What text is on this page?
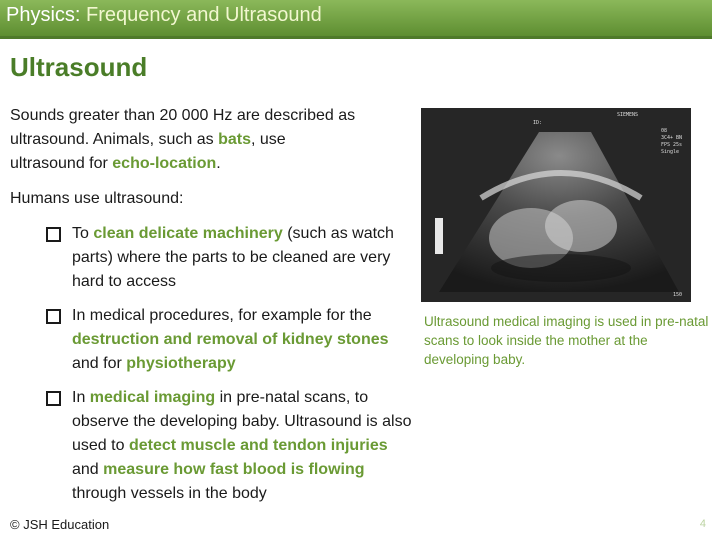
Physics: Frequency and Ultrasound
Ultrasound
Sounds greater than 20 000 Hz are described as
ultrasound. Animals, such as bats, use
ultrasound for echo-location.
Humans use ultrasound:
To clean delicate machinery (such as watch parts) where the parts to be cleaned are very hard to access
In medical procedures, for example for the destruction and removal of kidney stones and for physiotherapy
In medical imaging in pre-natal scans, to observe the developing baby. Ultrasound is also used to detect muscle and tendon injuries and measure how fast blood is flowing through vessels in the body
SIEMENS
ID:
08
3C4+ BN
FPS 25s
Single
150
Ultrasound medical imaging is used in pre-natal scans to look inside the mother at the developing baby.
© JSH Education	4
